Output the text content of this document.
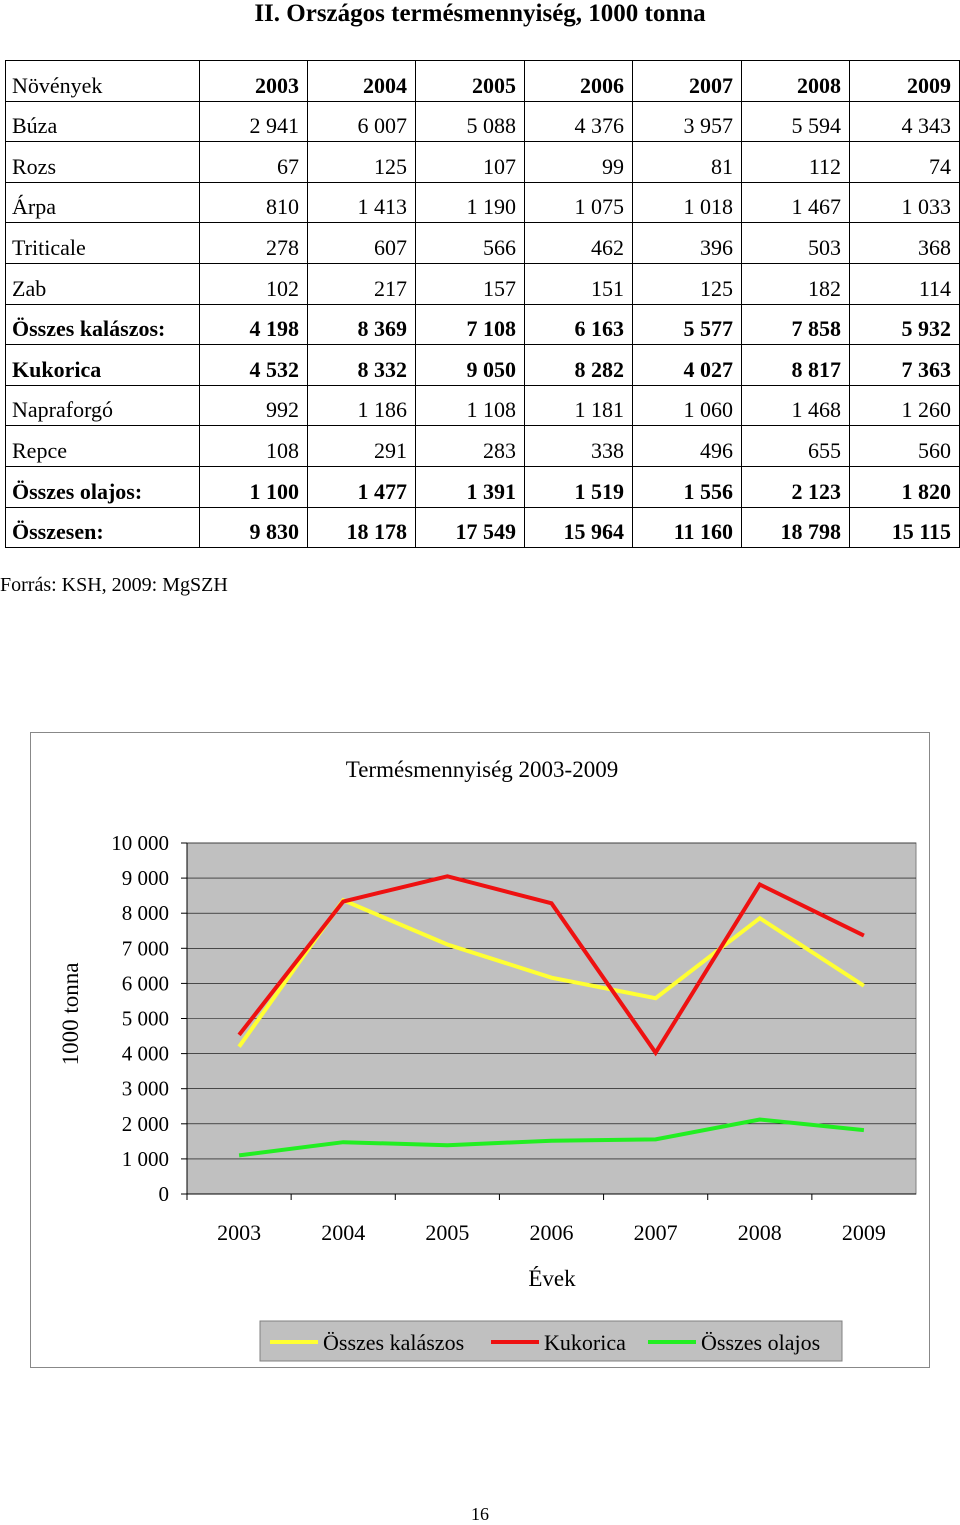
II. Országos termésmennyiség, 1000 tonna
Növények	2003	2004	2005	2006	2007	2008	2009
Búza	2 941	6 007	5 088	4 376	3 957	5 594	4 343
Rozs	67	125	107	99	81	112	74
Árpa	810	1 413	1 190	1 075	1 018	1 467	1 033
Triticale	278	607	566	462	396	503	368
Zab	102	217	157	151	125	182	114
Összes kalászos:	4 198	8 369	7 108	6 163	5 577	7 858	5 932
Kukorica	4 532	8 332	9 050	8 282	4 027	8 817	7 363
Napraforgó	992	1 186	1 108	1 181	1 060	1 468	1 260
Repce	108	291	283	338	496	655	560
Összes olajos:	1 100	1 477	1 391	1 519	1 556	2 123	1 820
Összesen:	9 830	18 178	17 549	15 964	11 160	18 798	15 115
Forrás: KSH, 2009: MgSZH
0
1 000
2 000
3 000
4 000
5 000
6 000
7 000
8 000
9 000
10 000
2003	2004	2005	2006	2007	2008	2009
Termésmennyiség 2003-2009
Évek
1000 tonna
Összes kalászos	Kukorica	Összes olajos
16
